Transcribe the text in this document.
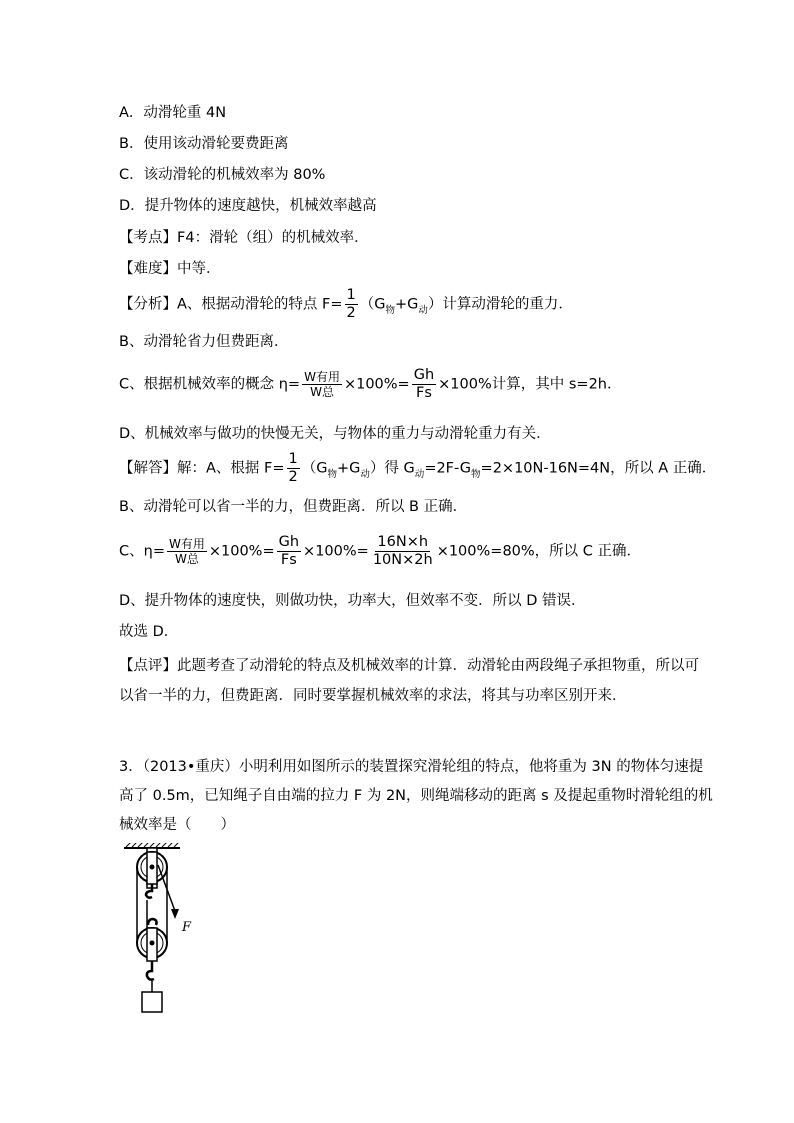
A．动滑轮重 4N
B．使用该动滑轮要费距离
C．该动滑轮的机械效率为 80%
D．提升物体的速度越快，机械效率越高
【考点】F4：滑轮（组）的机械效率．
【难度】中等．
【分析】A、根据动滑轮的特点 $F= \frac{1}{2} (G_物+G_动)$计算动滑轮的重力．
B、动滑轮省力但费距离．
C、根据机械效率的概念 $\eta= \frac{\text{W有用}}{\text{W总}} \times 100\%= \frac{Gh}{Fs} \times 100\%$计算，其中 s=2h．
D、机械效率与做功的快慢无关，与物体的重力与动滑轮重力有关．
【解答】解：A、根据 $F= \frac{1}{2} (G_物+G_动)$得 $G_动=2F-G_物=2\times 10N-16N=4N$，所以 A 正确．
B、动滑轮可以省一半的力，但费距离．所以 B 正确．
C、$\eta= \frac{\text{W有用}}{\text{W总}} \times 100\%= \frac{Gh}{Fs} \times 100\%= \frac{16N\times h}{10N\times 2h} \times 100\%=80\%$，所以 C 正确．
D、提升物体的速度快，则做功快，功率大，但效率不变．所以 D 错误．
故选 D．
【点评】此题考查了动滑轮的特点及机械效率的计算．动滑轮由两段绳子承担物重，所以可
以省一半的力，但费距离．同时要掌握机械效率的求法，将其与功率区别开来．
3．（2013•重庆）小明利用如图所示的装置探究滑轮组的特点，他将重为 3N 的物体匀速提
高了 0.5m，已知绳子自由端的拉力 F 为 2N，则绳端移动的距离 s 及提起重物时滑轮组的机
械效率是（　　）
F
